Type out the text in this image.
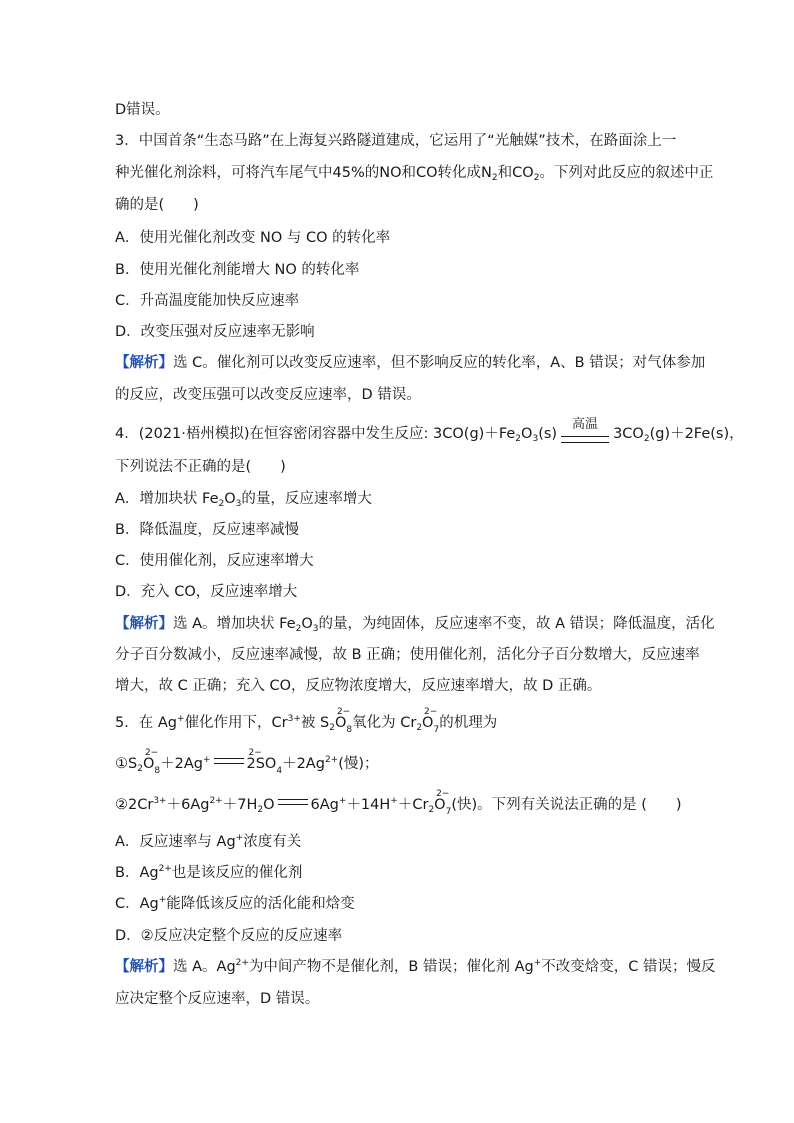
D错误。
3．中国首条“生态马路”在上海复兴路隧道建成，它运用了“光触媒”技术，在路面涂上一
种光催化剂涂料，可将汽车尾气中45%的NO和CO转化成$N_2$和$CO_2$。下列对此反应的叙述中正
确的是(　　)
A．使用光催化剂改变 NO 与 CO 的转化率
B．使用光催化剂能增大 NO 的转化率
C．升高温度能加快反应速率
D．改变压强对反应速率无影响
【解析】选 C。催化剂可以改变反应速率，但不影响反应的转化率，A、B 错误；对气体参加
的反应，改变压强可以改变反应速率，D 错误。
4．(2021·梧州模拟)在恒容密闭容器中发生反应: $3CO(g)+Fe_2O_3(s)$
高温
$3CO_2(g)+2Fe(s)$，
下列说法不正确的是(　　)
A．增加块状 $Fe_2O_3$的量，反应速率增大
B．降低温度，反应速率减慢
C．使用催化剂，反应速率增大
D．充入 CO，反应速率增大
【解析】选 A。增加块状 $Fe_2O_3$的量，为纯固体，反应速率不变，故 A 错误；降低温度，活化
分子百分数减小，反应速率减慢，故 B 正确；使用催化剂，活化分子百分数增大，反应速率
增大，故 C 正确；充入 CO，反应物浓度增大，反应速率增大，故 D 正确。
5．在 Ag+催化作用下，$Cr^{3+}$被 $S_2O$
2−
$_8$氧化为 $Cr_2O$
2−
$_7$的机理为
$①S_2O$
2−
$_8$＋2Ag+ 2SO
2−
$_4+2Ag^{2+}$(慢)；
$②2Cr^{3+}+6Ag^{2+}+7H_2O$ $6Ag^++14H^++Cr_2O$
2−
$_7$(快)。下列有关说法正确的是 (　　)
A．反应速率与 Ag+浓度有关
B．$Ag^{2+}$也是该反应的催化剂
C．Ag+能降低该反应的活化能和焓变
D．②反应决定整个反应的反应速率
【解析】选 A。$Ag^{2+}$为中间产物不是催化剂，B 错误；催化剂 Ag+不改变焓变，C 错误；慢反
应决定整个反应速率，D 错误。
